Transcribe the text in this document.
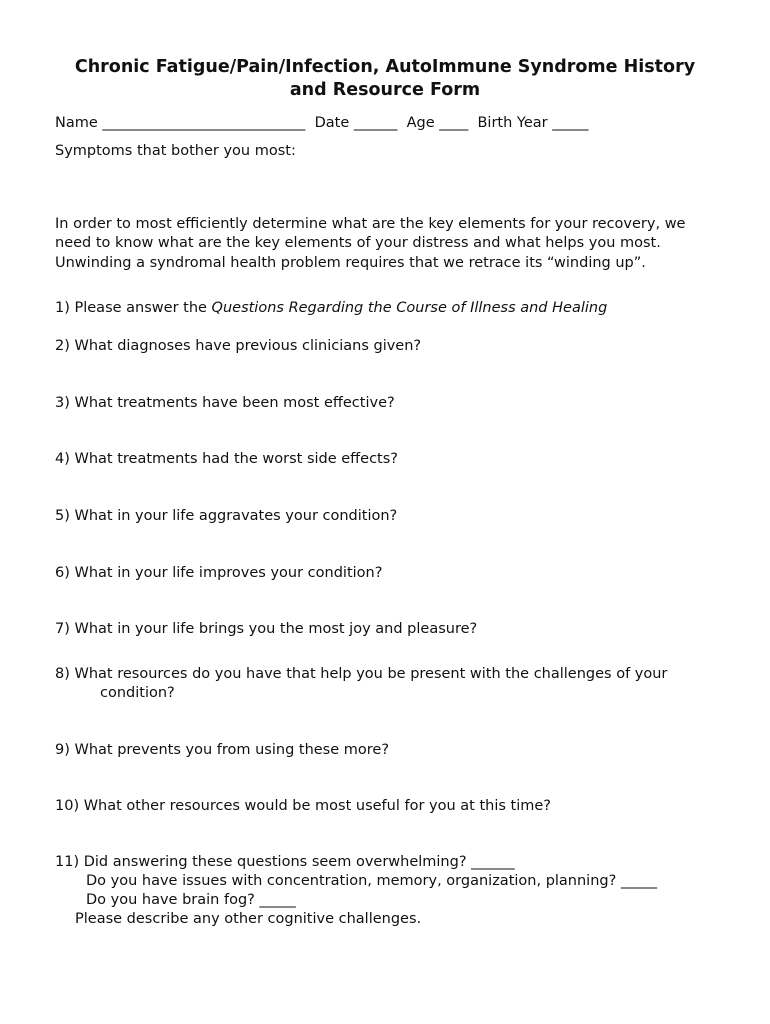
Chronic Fatigue/Pain/Infection, AutoImmune Syndrome History
and Resource Form

Name ____________________________ Date ______ Age ____ Birth Year _____

Symptoms that bother you most:

In order to most efficiently determine what are the key elements for your recovery, we need to know what are the key elements of your distress and what helps you most. Unwinding a syndromal health problem requires that we retrace its “winding up”.

1) Please answer the Questions Regarding the Course of Illness and Healing

2) What diagnoses have previous clinicians given?

3) What treatments have been most effective?

4) What treatments had the worst side effects?

5) What in your life aggravates your condition?

6) What in your life improves your condition?

7) What in your life brings you the most joy and pleasure?

8) What resources do you have that help you be present with the challenges of your

condition?

9) What prevents you from using these more?

10) What other resources would be most useful for you at this time?

11) Did answering these questions seem overwhelming? ______

Do you have issues with concentration, memory, organization, planning? _____

Do you have brain fog? _____

Please describe any other cognitive challenges.
